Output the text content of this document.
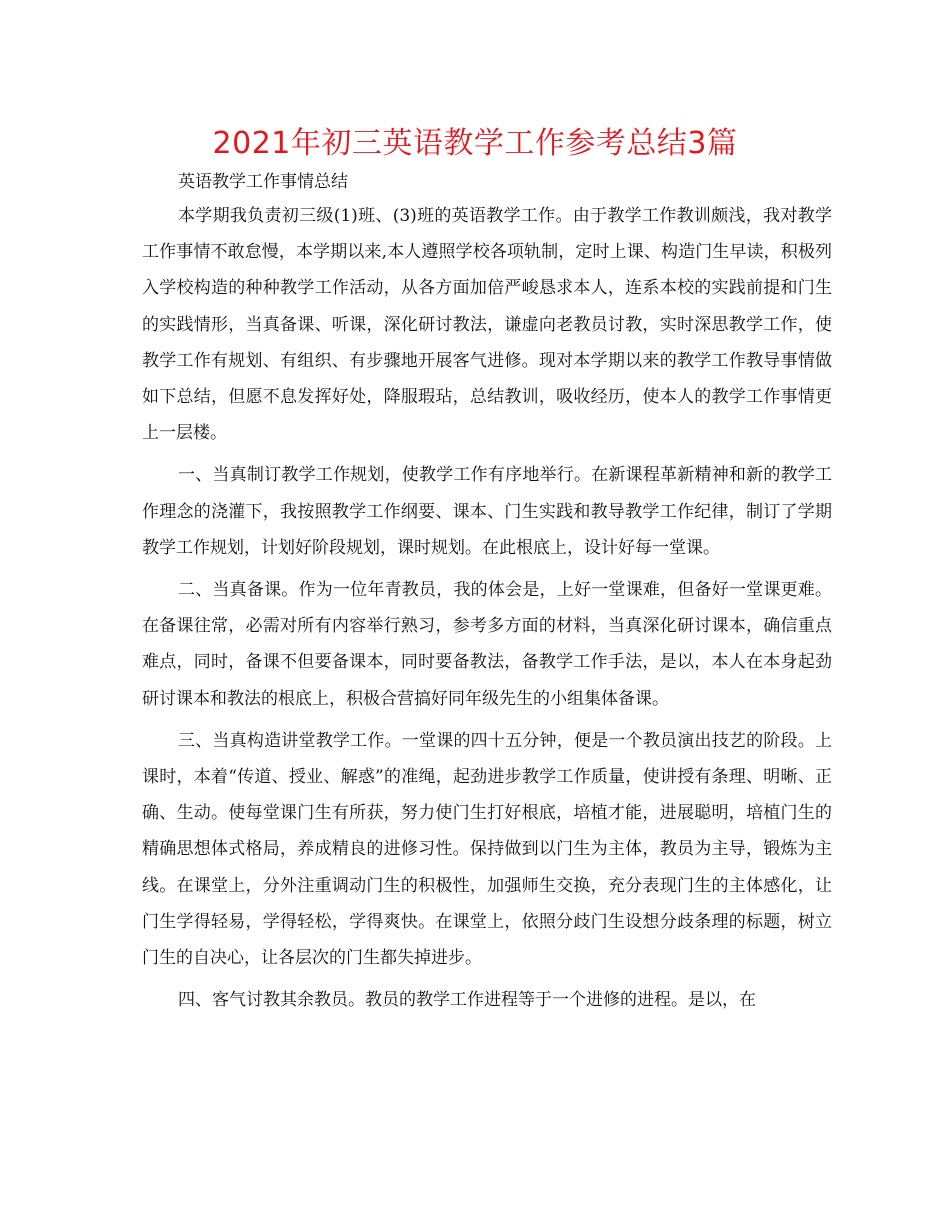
2021年初三英语教学工作参考总结3篇

英语教学工作事情总结

本学期我负责初三级(1)班、(3)班的英语教学工作。由于教学工作教训颇浅，我对教学工作事情不敢怠慢，本学期以来,本人遵照学校各项轨制，定时上课、构造门生早读，积极列入学校构造的种种教学工作活动，从各方面加倍严峻恳求本人，连系本校的实践前提和门生的实践情形，当真备课、听课，深化研讨教法，谦虚向老教员讨教，实时深思教学工作，使教学工作有规划、有组织、有步骤地开展客气进修。现对本学期以来的教学工作教导事情做如下总结，但愿不息发挥好处，降服瑕玷，总结教训，吸收经历，使本人的教学工作事情更上一层楼。

一、当真制订教学工作规划，使教学工作有序地举行。在新课程革新精神和新的教学工作理念的浇灌下，我按照教学工作纲要、课本、门生实践和教导教学工作纪律，制订了学期教学工作规划，计划好阶段规划，课时规划。在此根底上，设计好每一堂课。

二、当真备课。作为一位年青教员，我的体会是，上好一堂课难，但备好一堂课更难。在备课往常，必需对所有内容举行熟习，参考多方面的材料，当真深化研讨课本，确信重点难点，同时，备课不但要备课本，同时要备教法，备教学工作手法，是以，本人在本身起劲研讨课本和教法的根底上，积极合营搞好同年级先生的小组集体备课。

三、当真构造讲堂教学工作。一堂课的四十五分钟，便是一个教员演出技艺的阶段。上课时，本着“传道、授业、解惑”的准绳，起劲进步教学工作质量，使讲授有条理、明晰、正确、生动。使每堂课门生有所获，努力使门生打好根底，培植才能，进展聪明，培植门生的精确思想体式格局，养成精良的进修习性。保持做到以门生为主体，教员为主导，锻炼为主线。在课堂上，分外注重调动门生的积极性，加强师生交换，充分表现门生的主体感化，让门生学得轻易，学得轻松，学得爽快。在课堂上，依照分歧门生设想分歧条理的标题，树立门生的自决心，让各层次的门生都失掉进步。

四、客气讨教其余教员。教员的教学工作进程等于一个进修的进程。是以，在
